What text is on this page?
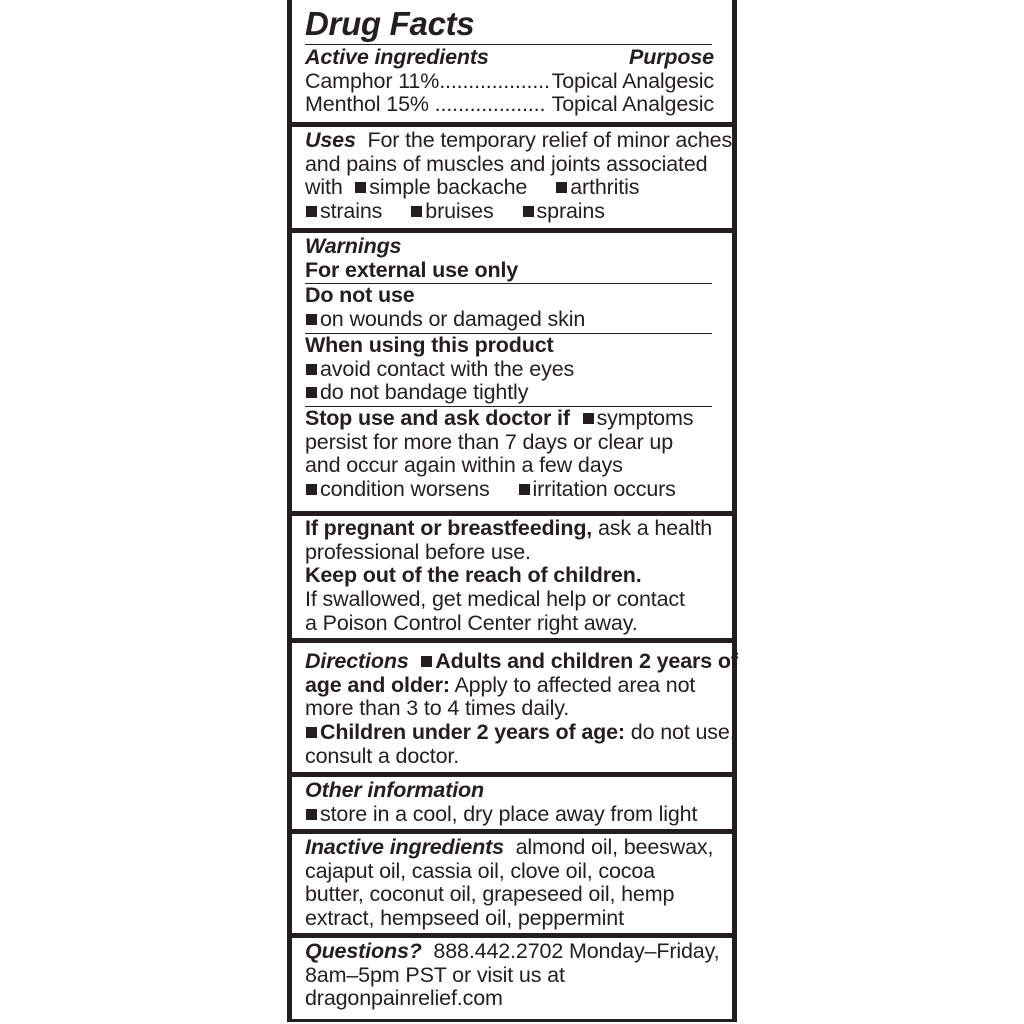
Drug Facts
Active ingredients	Purpose
Camphor 11%................... Topical Analgesic
Menthol 15% ................... Topical Analgesic
Uses For the temporary relief of minor aches
and pains of muscles and joints associated
with simple backache arthritis
strains bruises sprains
Warnings
For external use only
Do not use
on wounds or damaged skin
When using this product
avoid contact with the eyes
do not bandage tightly
Stop use and ask doctor if symptoms
persist for more than 7 days or clear up
and occur again within a few days
condition worsens irritation occurs
If pregnant or breastfeeding, ask a health
professional before use.
Keep out of the reach of children.
If swallowed, get medical help or contact
a Poison Control Center right away.
Directions Adults and children 2 years of
age and older: Apply to affected area not
more than 3 to 4 times daily.
Children under 2 years of age: do not use,
consult a doctor.
Other information
store in a cool, dry place away from light
Inactive ingredients almond oil, beeswax,
cajaput oil, cassia oil, clove oil, cocoa
butter, coconut oil, grapeseed oil, hemp
extract, hempseed oil, peppermint
Questions? 888.442.2702 Monday–Friday,
8am–5pm PST or visit us at
dragonpainrelief.com
